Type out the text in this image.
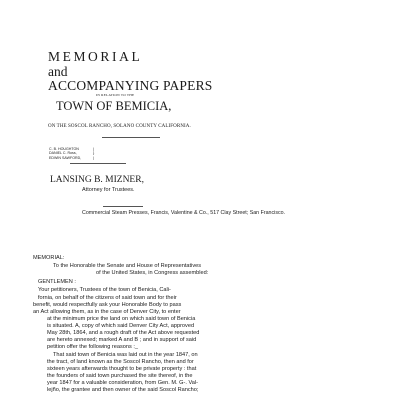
MEMORIAL
and
ACCOMPANYING PAPERS
IN RELATION TO THE
TOWN OF BEMICIA,
ON THE SOSCOL RANCHO, SOLANO COUNTY CALIFORNIA.
C. B. HOUGHTON	|
DANIEL C. Ross,	}
EDWIN SAWFORD,	|
LANSING B. MIZNER,
Attorney for Trustees.
Commercial Steam Presses, Francis, Valentine & Co., 517 Clay Street; San Francisco.
MEMORIAL:
To the Honorable the Senate and House of Representatives
of the United States, in Congress assembled:
GENTLEMEN :
Your petitioners, Trustees of the town of Benicia, Cali-
fornia, on behalf of the citizens of said town and for their
benefit, would respectfully ask your Honorable Body to pass
an Act allowing them, as in the case of Denver City, to enter
at the minimum price the land on which said town of Benicia
is situated. A, copy of which said Denver City Act, approved
May 28th, 1864, and a rough draft of the Act above requested
are hereto annexed; marked A and B ; and in support of said
petition offer the following reasons :_
That said town of Benicia was laid out in the year 1847, on
the tract, of land known as the Soscol Rancho, then and for
sixteen years afterwards thought to be private property : that
the founders of said town purchased the site thereof, in the
year 1847 for a valuable consideration, from Gen. M. G-. Val-
lejño, the grantee and then owner of the said Soscol Rancho;
